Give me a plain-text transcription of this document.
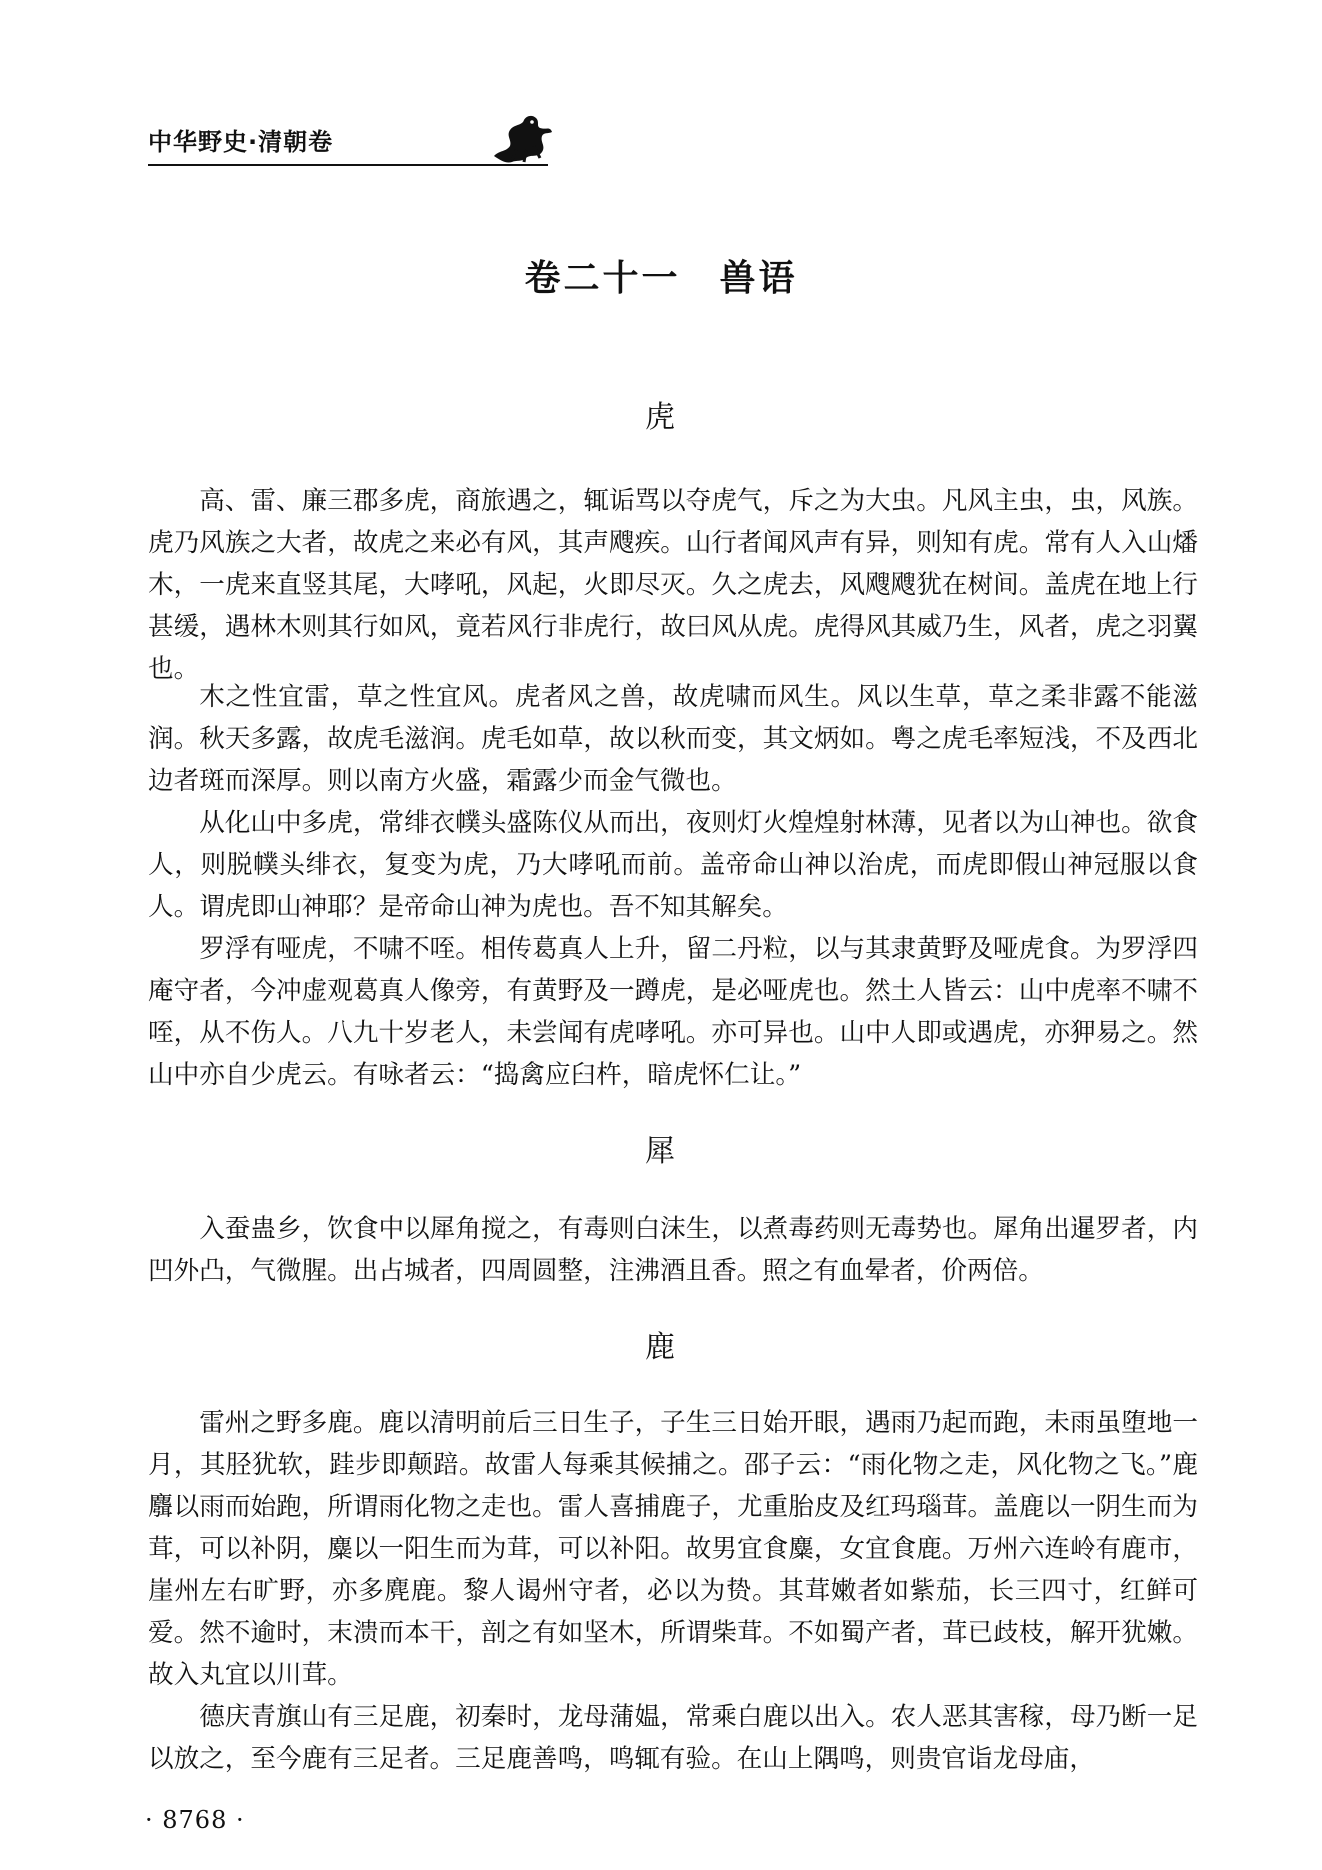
中华野史·清朝卷
卷二十一　兽语
虎

高、雷、廉三郡多虎，商旅遇之，辄诟骂以夺虎气，斥之为大虫。凡风主虫，虫，风族。虎乃风族之大者，故虎之来必有风，其声飕疾。山行者闻风声有异，则知有虎。常有人入山燔木，一虎来直竖其尾，大哮吼，风起，火即尽灭。久之虎去，风飕飕犹在树间。盖虎在地上行甚缓，遇林木则其行如风，竟若风行非虎行，故曰风从虎。虎得风其威乃生，风者，虎之羽翼也。

木之性宜雷，草之性宜风。虎者风之兽，故虎啸而风生。风以生草，草之柔非露不能滋润。秋天多露，故虎毛滋润。虎毛如草，故以秋而变，其文炳如。粤之虎毛率短浅，不及西北边者斑而深厚。则以南方火盛，霜露少而金气微也。

从化山中多虎，常绯衣幞头盛陈仪从而出，夜则灯火煌煌射林薄，见者以为山神也。欲食人，则脱幞头绯衣，复变为虎，乃大哮吼而前。盖帝命山神以治虎，而虎即假山神冠服以食人。谓虎即山神耶？是帝命山神为虎也。吾不知其解矣。

罗浮有哑虎，不啸不咥。相传葛真人上升，留二丹粒，以与其隶黄野及哑虎食。为罗浮四庵守者，今冲虚观葛真人像旁，有黄野及一蹲虎，是必哑虎也。然土人皆云：山中虎率不啸不咥，从不伤人。八九十岁老人，未尝闻有虎哮吼。亦可异也。山中人即或遇虎，亦狎易之。然山中亦自少虎云。有咏者云：“捣禽应臼杵，暗虎怀仁让。”

犀

入蚕蛊乡，饮食中以犀角搅之，有毒则白沫生，以煮毒药则无毒势也。犀角出暹罗者，内凹外凸，气微腥。出占城者，四周圆整，注沸酒且香。照之有血晕者，价两倍。

鹿

雷州之野多鹿。鹿以清明前后三日生子，子生三日始开眼，遇雨乃起而跑，未雨虽堕地一月，其胫犹软，跬步即颠踣。故雷人每乘其候捕之。邵子云：“雨化物之走，风化物之飞。”鹿麛以雨而始跑，所谓雨化物之走也。雷人喜捕鹿子，尤重胎皮及红玛瑙茸。盖鹿以一阴生而为茸，可以补阴，麋以一阳生而为茸，可以补阳。故男宜食麋，女宜食鹿。万州六连岭有鹿市，崖州左右旷野，亦多麂鹿。黎人谒州守者，必以为贽。其茸嫩者如紫茄，长三四寸，红鲜可爱。然不逾时，末溃而本干，剖之有如坚木，所谓柴茸。不如蜀产者，茸已歧枝，解开犹嫩。故入丸宜以川茸。

德庆青旗山有三足鹿，初秦时，龙母蒲媪，常乘白鹿以出入。农人恶其害稼，母乃断一足以放之，至今鹿有三足者。三足鹿善鸣，鸣辄有验。在山上隅鸣，则贵官诣龙母庙，

· 8768 ·
